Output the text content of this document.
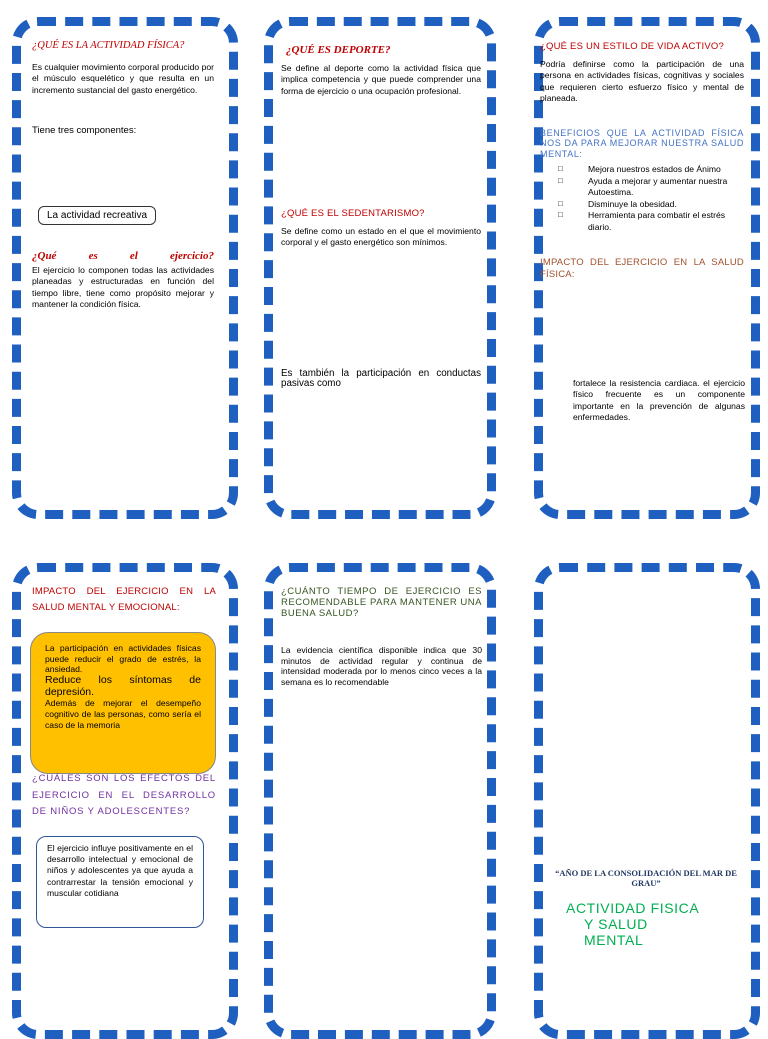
¿QUÉ ES LA ACTIVIDAD FÍSICA?

Es cualquier movimiento corporal producido por el músculo esquelético y que resulta en un incremento sustancial del gasto energético.

Tiene tres componentes:

La actividad recreativa

¿Qué es el ejercicio?

El ejercicio lo componen todas las actividades planeadas y estructuradas en función del tiempo libre, tiene como propósito mejorar y mantener la condición física.

¿QUÉ ES DEPORTE?

Se define al deporte como la actividad física que implica competencia y que puede comprender una forma de ejercicio o una ocupación profesional.

¿QUÉ ES EL SEDENTARISMO?

Se define como un estado en el que el movimiento corporal y el gasto energético son mínimos.

Es también la participación en conductas pasivas como

¿QUÉ ES UN ESTILO DE VIDA ACTIVO?

Podría definirse como la participación de una persona en actividades físicas, cognitivas y sociales que requieren cierto esfuerzo físico y mental de planeada.

BENEFICIOS QUE LA ACTIVIDAD FÍSICA NOS DA PARA MEJORAR NUESTRA SALUD MENTAL:

□	Mejora nuestros estados de Ánimo
□	Ayuda a mejorar y aumentar nuestra Autoestima.
□	Disminuye la obesidad.
□	Herramienta para combatir el estrés diario.

IMPACTO DEL EJERCICIO EN LA SALUD FÍSICA:

fortalece la resistencia cardiaca. el ejercicio físico frecuente es un componente importante en la prevención de algunas enfermedades.

IMPACTO DEL EJERCICIO EN LA SALUD MENTAL Y EMOCIONAL:

La participación en actividades físicas puede reducir el grado de estrés, la ansiedad.

Reduce los síntomas de depresión.

Además de mejorar el desempeño cognitivo de las personas, como sería el caso de la memoria

¿CUÁLES SON LOS EFECTOS DEL EJERCICIO EN EL DESARROLLO DE NIÑOS Y ADOLESCENTES?

El ejercicio influye positivamente en el desarrollo intelectual y emocional de niños y adolescentes ya que ayuda a contrarrestar la tensión emocional y muscular cotidiana

¿CUÁNTO TIEMPO DE EJERCICIO ES RECOMENDABLE PARA MANTENER UNA BUENA SALUD?

La evidencia científica disponible indica que 30 minutos de actividad regular y continua de intensidad moderada por lo menos cinco veces a la semana es lo recomendable

“AÑO DE LA CONSOLIDACIÓN DEL MAR DE GRAU”

ACTIVIDAD FISICA
Y SALUD
MENTAL
